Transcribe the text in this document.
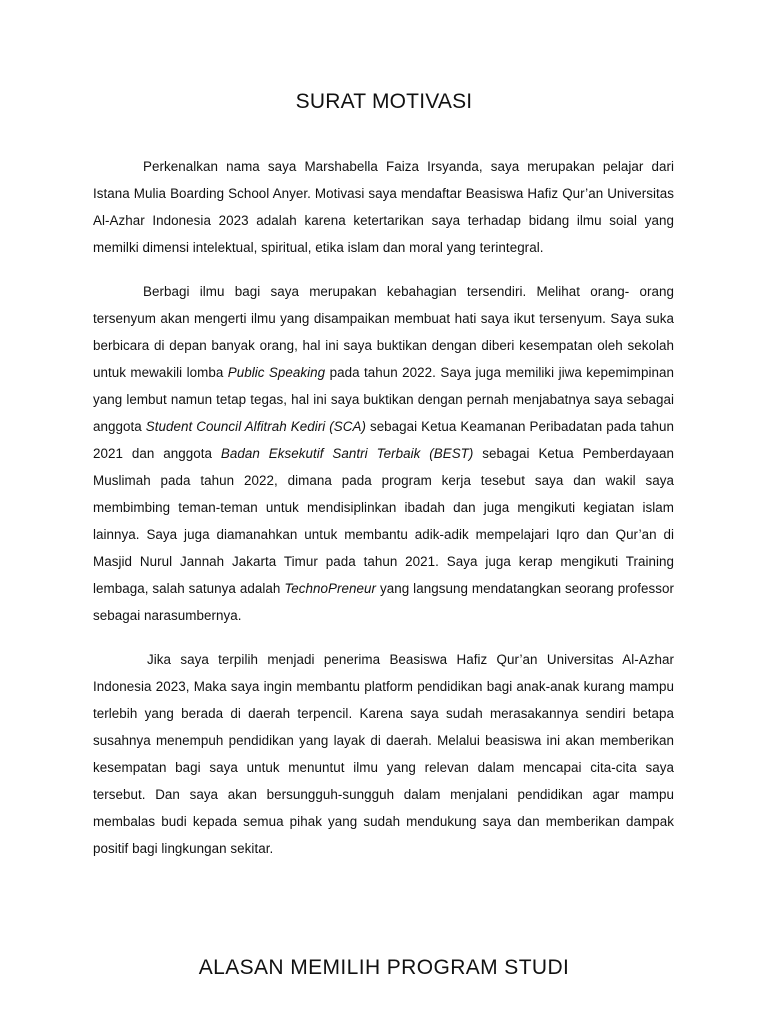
SURAT MOTIVASI

Perkenalkan nama saya Marshabella Faiza Irsyanda, saya merupakan pelajar dari Istana Mulia Boarding School Anyer. Motivasi saya mendaftar Beasiswa Hafiz Qur’an Universitas Al-Azhar Indonesia 2023 adalah karena ketertarikan saya terhadap bidang ilmu soial yang memilki dimensi intelektual, spiritual, etika islam dan moral yang terintegral.

Berbagi ilmu bagi saya merupakan kebahagian tersendiri. Melihat orang- orang tersenyum akan mengerti ilmu yang disampaikan membuat hati saya ikut tersenyum. Saya suka berbicara di depan banyak orang, hal ini saya buktikan dengan diberi kesempatan oleh sekolah untuk mewakili lomba Public Speaking pada tahun 2022. Saya juga memiliki jiwa kepemimpinan yang lembut namun tetap tegas, hal ini saya buktikan dengan pernah menjabatnya saya sebagai anggota Student Council Alfitrah Kediri (SCA) sebagai Ketua Keamanan Peribadatan pada tahun 2021 dan anggota Badan Eksekutif Santri Terbaik (BEST) sebagai Ketua Pemberdayaan Muslimah pada tahun 2022, dimana pada program kerja tesebut saya dan wakil saya membimbing teman-teman untuk mendisiplinkan ibadah dan juga mengikuti kegiatan islam lainnya. Saya juga diamanahkan untuk membantu adik-adik mempelajari Iqro dan Qur’an di Masjid Nurul Jannah Jakarta Timur pada tahun 2021. Saya juga kerap mengikuti Training lembaga, salah satunya adalah TechnoPreneur yang langsung mendatangkan seorang professor sebagai narasumbernya.

Jika saya terpilih menjadi penerima Beasiswa Hafiz Qur’an Universitas Al-Azhar Indonesia 2023, Maka saya ingin membantu platform pendidikan bagi anak-anak kurang mampu terlebih yang berada di daerah terpencil. Karena saya sudah merasakannya sendiri betapa susahnya menempuh pendidikan yang layak di daerah. Melalui beasiswa ini akan memberikan kesempatan bagi saya untuk menuntut ilmu yang relevan dalam mencapai cita-cita saya tersebut. Dan saya akan bersungguh-sungguh dalam menjalani pendidikan agar mampu membalas budi kepada semua pihak yang sudah mendukung saya dan memberikan dampak positif bagi lingkungan sekitar.

ALASAN MEMILIH PROGRAM STUDI
